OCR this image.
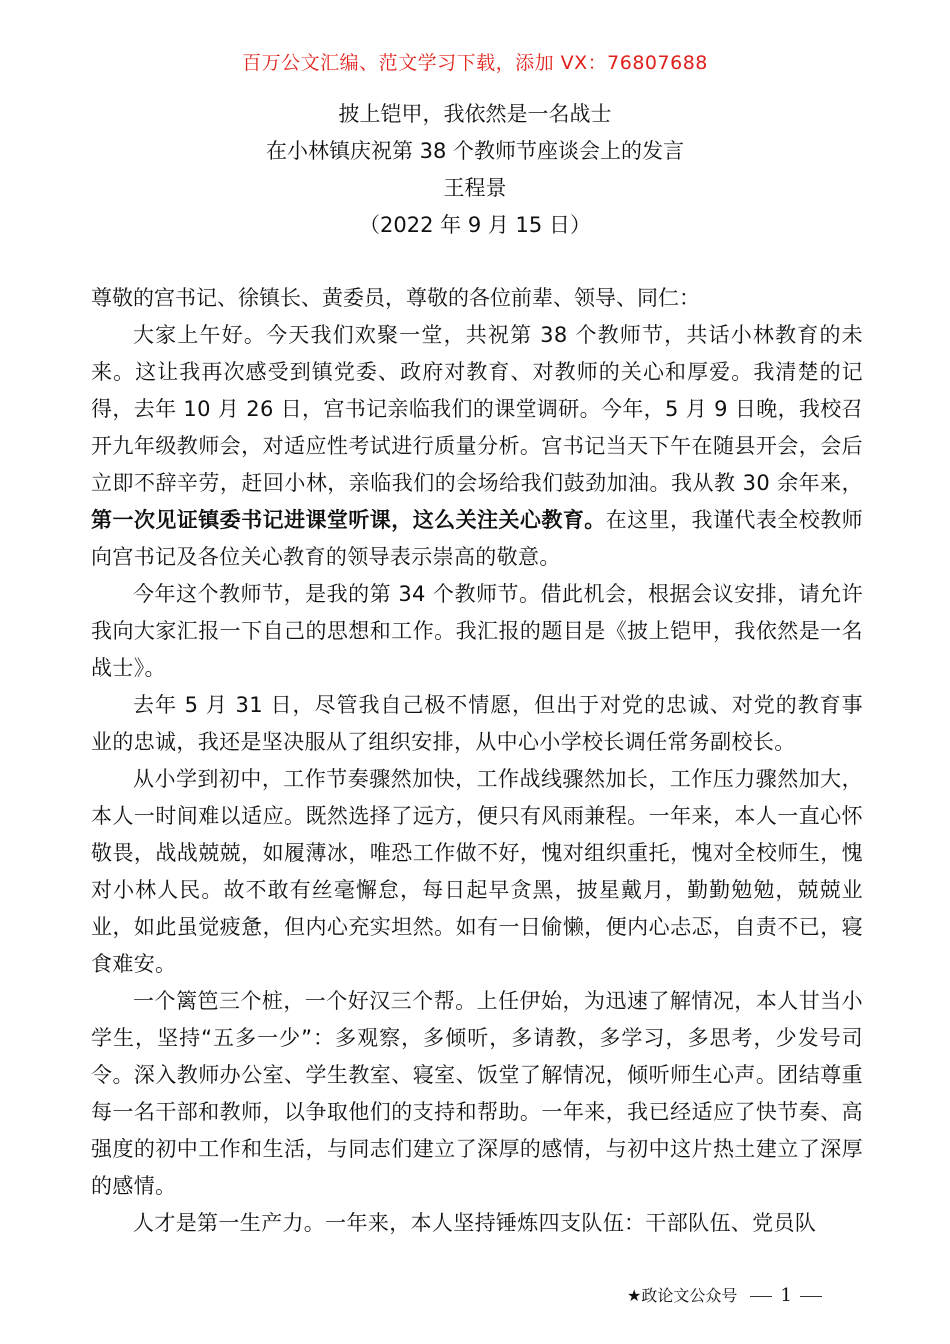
百万公文汇编、范文学习下载，添加 VX：76807688
披上铠甲，我依然是一名战士
在小林镇庆祝第 38 个教师节座谈会上的发言
王程景
（2022 年 9 月 15 日）
尊敬的宫书记、徐镇长、黄委员，尊敬的各位前辈、领导、同仁：

大家上午好。今天我们欢聚一堂，共祝第 38 个教师节，共话小林教育的未来。这让我再次感受到镇党委、政府对教育、对教师的关心和厚爱。我清楚的记得，去年 10 月 26 日，宫书记亲临我们的课堂调研。今年，5 月 9 日晚，我校召开九年级教师会，对适应性考试进行质量分析。宫书记当天下午在随县开会，会后立即不辞辛劳，赶回小林，亲临我们的会场给我们鼓劲加油。我从教 30 余年来，第一次见证镇委书记进课堂听课，这么关注关心教育。在这里，我谨代表全校教师向宫书记及各位关心教育的领导表示崇高的敬意。

今年这个教师节，是我的第 34 个教师节。借此机会，根据会议安排，请允许我向大家汇报一下自己的思想和工作。我汇报的题目是《披上铠甲，我依然是一名战士》。

去年 5 月 31 日，尽管我自己极不情愿，但出于对党的忠诚、对党的教育事业的忠诚，我还是坚决服从了组织安排，从中心小学校长调任常务副校长。

从小学到初中，工作节奏骤然加快，工作战线骤然加长，工作压力骤然加大，本人一时间难以适应。既然选择了远方，便只有风雨兼程。一年来，本人一直心怀敬畏，战战兢兢，如履薄冰，唯恐工作做不好，愧对组织重托，愧对全校师生，愧对小林人民。故不敢有丝毫懈怠，每日起早贪黑，披星戴月，勤勤勉勉，兢兢业业，如此虽觉疲惫，但内心充实坦然。如有一日偷懒，便内心忐忑，自责不已，寝食难安。

一个篱笆三个桩，一个好汉三个帮。上任伊始，为迅速了解情况，本人甘当小学生，坚持“五多一少”：多观察，多倾听，多请教，多学习，多思考，少发号司令。深入教师办公室、学生教室、寝室、饭堂了解情况，倾听师生心声。团结尊重每一名干部和教师，以争取他们的支持和帮助。一年来，我已经适应了快节奏、高强度的初中工作和生活，与同志们建立了深厚的感情，与初中这片热土建立了深厚的感情。

人才是第一生产力。一年来，本人坚持锤炼四支队伍：干部队伍、党员队

★政论文公众号 1
